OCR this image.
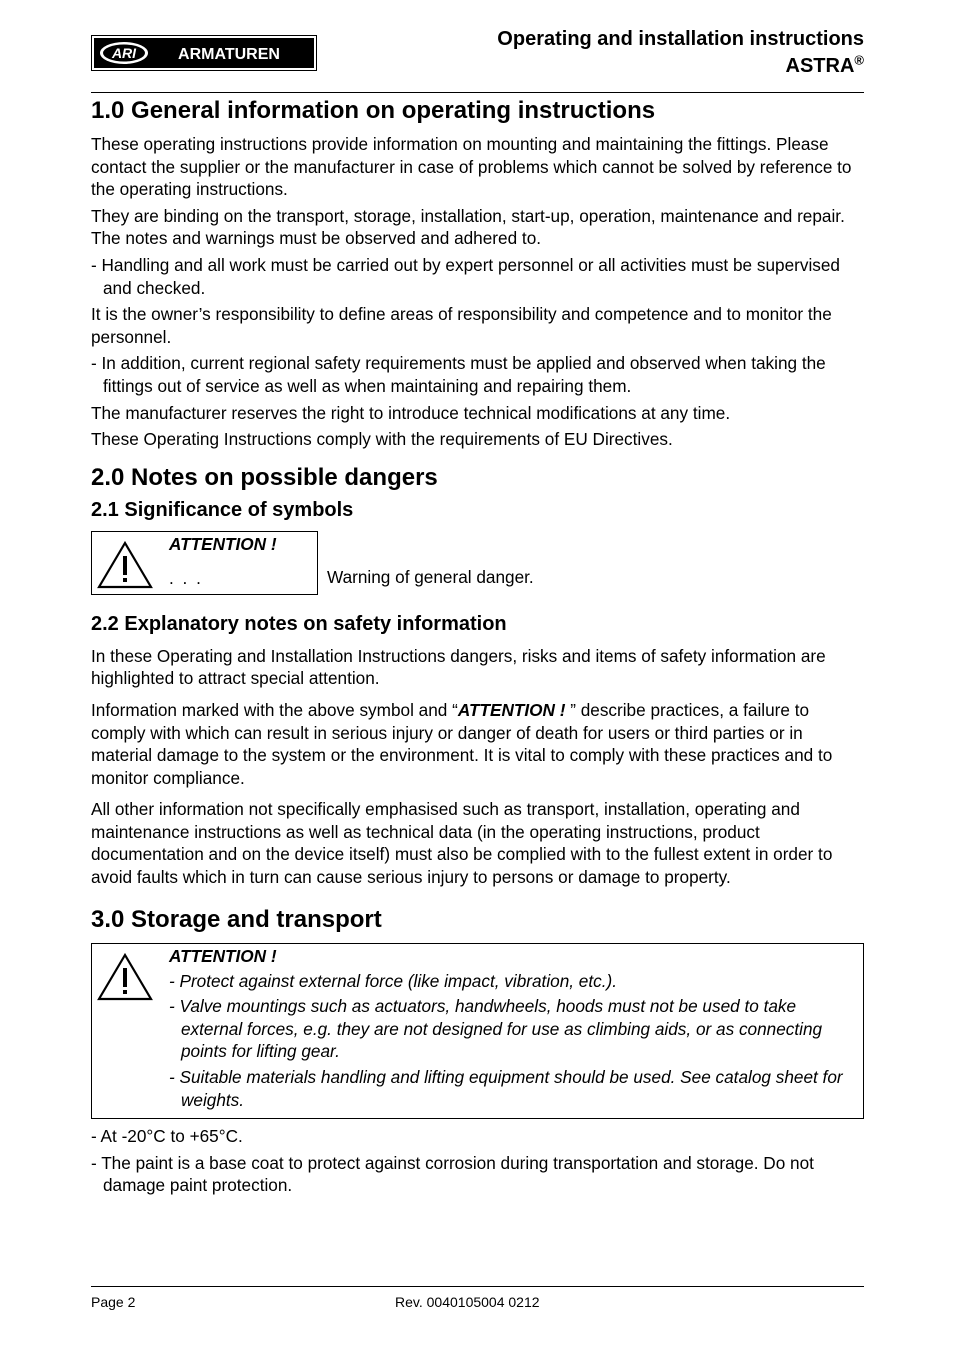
ARI	ARMATUREN
Operating and installation instructions
ASTRA®
1.0 General information on operating instructions

These operating instructions provide information on mounting and maintaining the fittings. Please contact the supplier or the manufacturer in case of problems which cannot be solved by reference to the operating instructions.

They are binding on the transport, storage, installation, start-up, operation, maintenance and repair.

The notes and warnings must be observed and adhered to.

- Handling and all work must be carried out by expert personnel or all activities must be supervised and checked.

It is the owner’s responsibility to define areas of responsibility and competence and to monitor the personnel.

- In addition, current regional safety requirements must be applied and observed when taking the fittings out of service as well as when maintaining and repairing them.

The manufacturer reserves the right to introduce technical modifications at any time.

These Operating Instructions comply with the requirements of EU Directives.

2.0 Notes on possible dangers
2.1 Significance of symbols
ATTENTION !
. . .	Warning of general danger.
2.2 Explanatory notes on safety information

In these Operating and Installation Instructions dangers, risks and items of safety information are highlighted to attract special attention.

Information marked with the above symbol and “ATTENTION ! ” describe practices, a failure to comply with which can result in serious injury or danger of death for users or third parties or in material damage to the system or the environment. It is vital to comply with these practices and to monitor compliance.

All other information not specifically emphasised such as transport, installation, operating and maintenance instructions as well as technical data (in the operating instructions, product documentation and on the device itself) must also be complied with to the fullest extent in order to avoid faults which in turn can cause serious injury to persons or damage to property.

3.0 Storage and transport
ATTENTION !

- Protect against external force (like impact, vibration, etc.).

- Valve mountings such as actuators, handwheels, hoods must not be used to take external forces, e.g. they are not designed for use as climbing aids, or as connecting points for lifting gear.

- Suitable materials handling and lifting equipment should be used. See catalog sheet for weights.

- At -20°C to +65°C.

- The paint is a base coat to protect against corrosion during transportation and storage. Do not damage paint protection.

Page 2	Rev. 0040105004 0212
